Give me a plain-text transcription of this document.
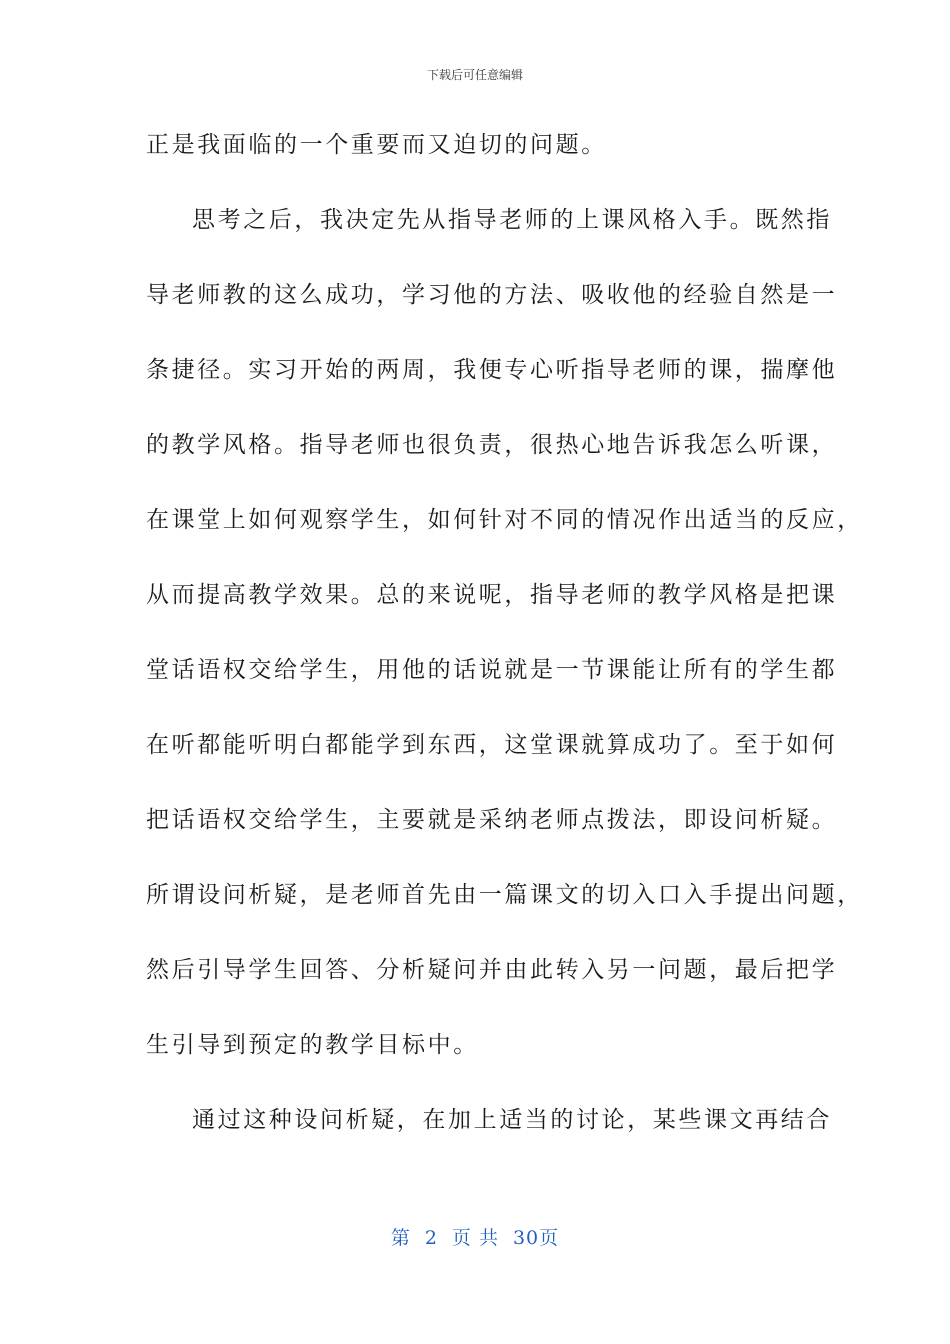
下载后可任意编辑
正是我面临的一个重要而又迫切的问题。
思考之后，我决定先从指导老师的上课风格入手。既然指
导老师教的这么成功，学习他的方法、吸收他的经验自然是一
条捷径。实习开始的两周，我便专心听指导老师的课，揣摩他
的教学风格。指导老师也很负责，很热心地告诉我怎么听课，
在课堂上如何观察学生，如何针对不同的情况作出适当的反应，
从而提高教学效果。总的来说呢，指导老师的教学风格是把课
堂话语权交给学生，用他的话说就是一节课能让所有的学生都
在听都能听明白都能学到东西，这堂课就算成功了。至于如何
把话语权交给学生，主要就是采纳老师点拨法，即设问析疑。
所谓设问析疑，是老师首先由一篇课文的切入口入手提出问题，
然后引导学生回答、分析疑问并由此转入另一问题，最后把学
生引导到预定的教学目标中。
通过这种设问析疑，在加上适当的讨论，某些课文再结合
第 2 页 共 30页
